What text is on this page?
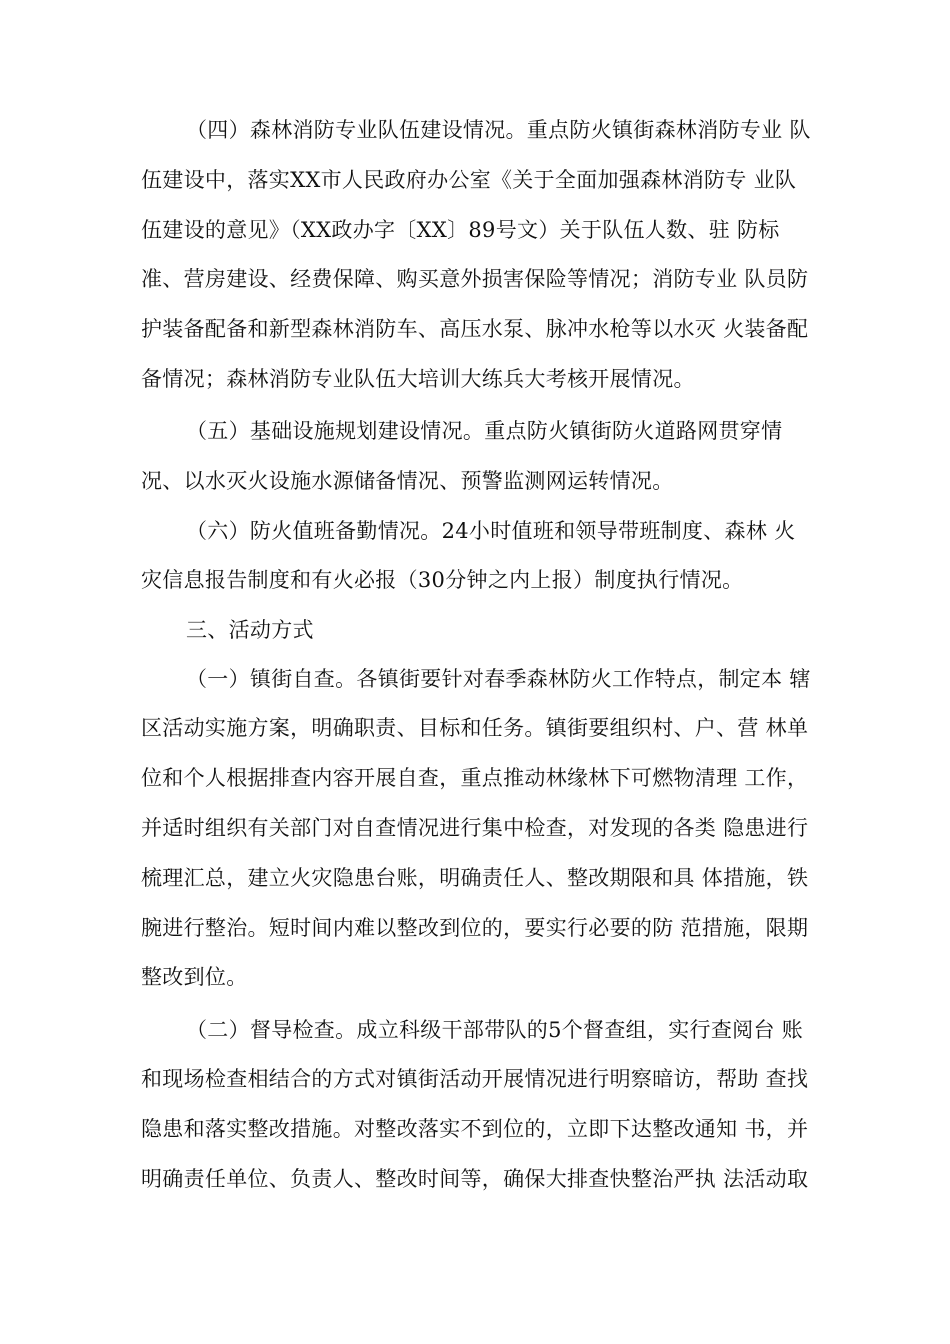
（四）森林消防专业队伍建设情况。重点防火镇街森林消防专业 队
伍建设中，落实XX市人民政府办公室《关于全面加强森林消防专 业队
伍建设的意见》（XX政办字〔XX〕89号文）关于队伍人数、驻 防标
准、营房建设、经费保障、购买意外损害保险等情况；消防专业 队员防
护装备配备和新型森林消防车、高压水泵、脉冲水枪等以水灭 火装备配
备情况；森林消防专业队伍大培训大练兵大考核开展情况。
（五）基础设施规划建设情况。重点防火镇街防火道路网贯穿情
况、以水灭火设施水源储备情况、预警监测网运转情况。
（六）防火值班备勤情况。24小时值班和领导带班制度、森林 火
灾信息报告制度和有火必报（30分钟之内上报）制度执行情况。
三、活动方式
（一）镇街自查。各镇街要针对春季森林防火工作特点，制定本 辖
区活动实施方案，明确职责、目标和任务。镇街要组织村、户、营 林单
位和个人根据排查内容开展自查，重点推动林缘林下可燃物清理 工作，
并适时组织有关部门对自查情况进行集中检查，对发现的各类 隐患进行
梳理汇总，建立火灾隐患台账，明确责任人、整改期限和具 体措施，铁
腕进行整治。短时间内难以整改到位的，要实行必要的防 范措施，限期
整改到位。
（二）督导检查。成立科级干部带队的5个督查组，实行查阅台 账
和现场检查相结合的方式对镇街活动开展情况进行明察暗访，帮助 查找
隐患和落实整改措施。对整改落实不到位的，立即下达整改通知 书，并
明确责任单位、负责人、整改时间等，确保大排查快整治严执 法活动取
